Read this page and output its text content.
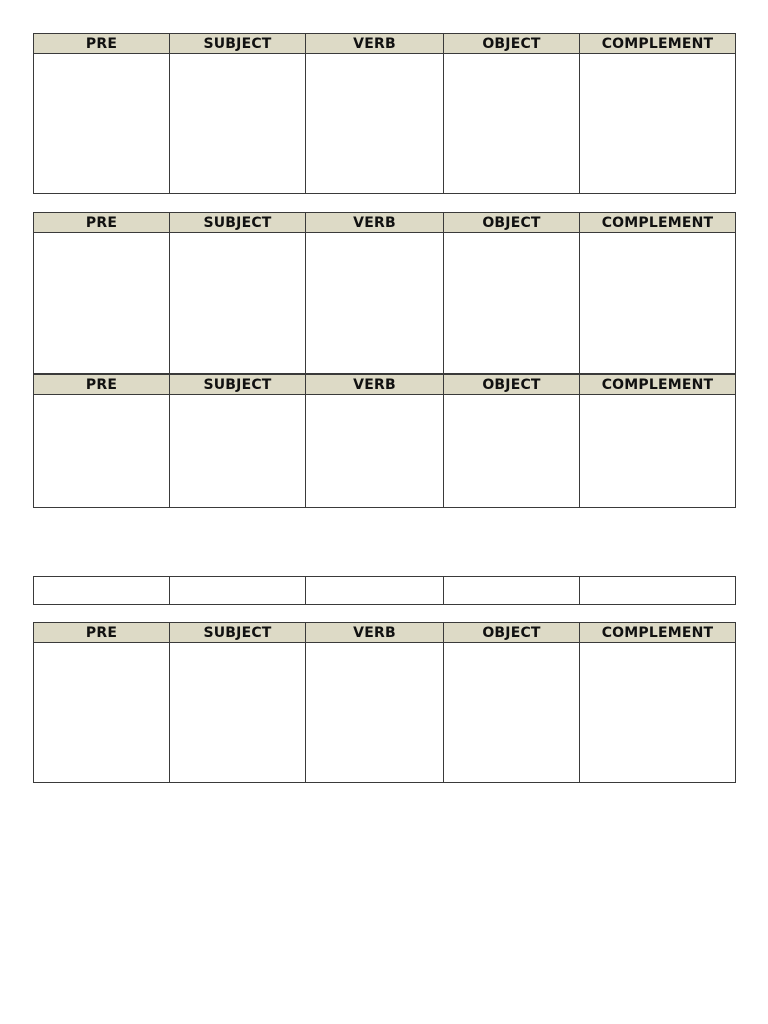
PRE	SUBJECT	VERB	OBJECT	COMPLEMENT

PRE	SUBJECT	VERB	OBJECT	COMPLEMENT

PRE	SUBJECT	VERB	OBJECT	COMPLEMENT

PRE	SUBJECT	VERB	OBJECT	COMPLEMENT
